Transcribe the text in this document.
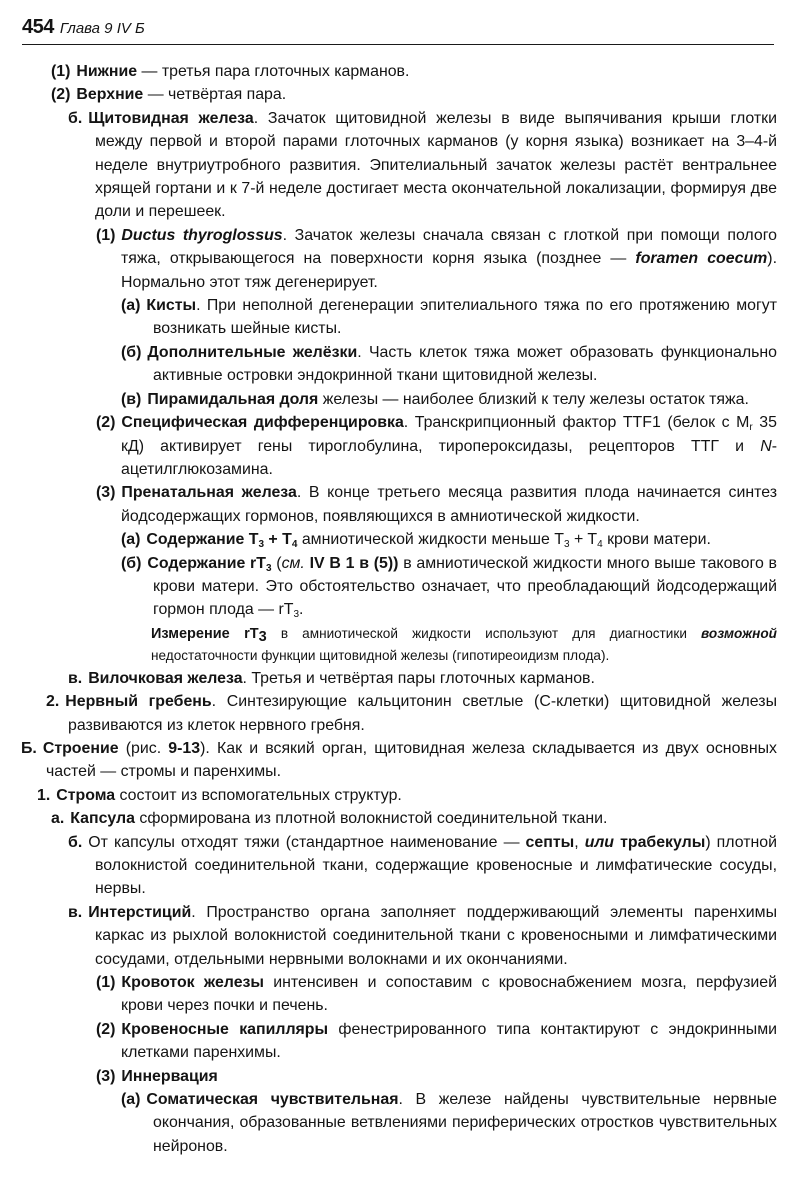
454 Глава 9 IV Б

(1) Нижние — третья пара глоточных карманов.

(2) Верхние — четвёртая пара.

б. Щитовидная железа. Зачаток щитовидной железы в виде выпячивания крыши глотки между первой и второй парами глоточных карманов (у корня языка) возникает на 3–4-й неделе внутриутробного развития. Эпителиальный зачаток железы растёт вентральнее хрящей гортани и к 7-й неделе достигает места окончательной локализации, формируя две доли и перешеек.

(1) Ductus thyroglossus. Зачаток железы сначала связан с глоткой при помощи полого тяжа, открывающегося на поверхности корня языка (позднее — foramen coecum). Нормально этот тяж дегенерирует.

(а) Кисты. При неполной дегенерации эпителиального тяжа по его протяжению могут возникать шейные кисты.

(б) Дополнительные желёзки. Часть клеток тяжа может образовать функционально активные островки эндокринной ткани щитовидной железы.

(в) Пирамидальная доля железы — наиболее близкий к телу железы остаток тяжа.

(2) Специфическая дифференцировка. Транскрипционный фактор TTF1 (белок с $M_r$ 35 кД) активирует гены тироглобулина, тиропероксидазы, рецепторов ТТГ и N-ацетилглюкозамина.

(3) Пренатальная железа. В конце третьего месяца развития плода начинается синтез йодсодержащих гормонов, появляющихся в амниотической жидкости.

(а) Содержание $T_3 + T_4$ амниотической жидкости меньше $T_3 + T_4$ крови матери.

(б) Содержание $rT_3$ (см. IV В 1 в (5)) в амниотической жидкости много выше такового в крови матери. Это обстоятельство означает, что преобладающий йодсодержащий гормон плода — $rT_3$.

Измерение $rT_3$ в амниотической жидкости используют для диагностики возможной недостаточности функции щитовидной железы (гипотиреоидизм плода).

в. Вилочковая железа. Третья и четвёртая пары глоточных карманов.

2. Нервный гребень. Синтезирующие кальцитонин светлые (С-клетки) щитовидной железы развиваются из клеток нервного гребня.

Б. Строение (рис. 9-13). Как и всякий орган, щитовидная железа складывается из двух основных частей — стромы и паренхимы.

1. Строма состоит из вспомогательных структур.

а. Капсула сформирована из плотной волокнистой соединительной ткани.

б. От капсулы отходят тяжи (стандартное наименование — септы, или трабекулы) плотной волокнистой соединительной ткани, содержащие кровеносные и лимфатические сосуды, нервы.

в. Интерстиций. Пространство органа заполняет поддерживающий элементы паренхимы каркас из рыхлой волокнистой соединительной ткани с кровеносными и лимфатическими сосудами, отдельными нервными волокнами и их окончаниями.

(1) Кровоток железы интенсивен и сопоставим с кровоснабжением мозга, перфузией крови через почки и печень.

(2) Кровеносные капилляры фенестрированного типа контактируют с эндокринными клетками паренхимы.

(3) Иннервация

(а) Соматическая чувствительная. В железе найдены чувствительные нервные окончания, образованные ветвлениями периферических отростков чувствительных нейронов.
